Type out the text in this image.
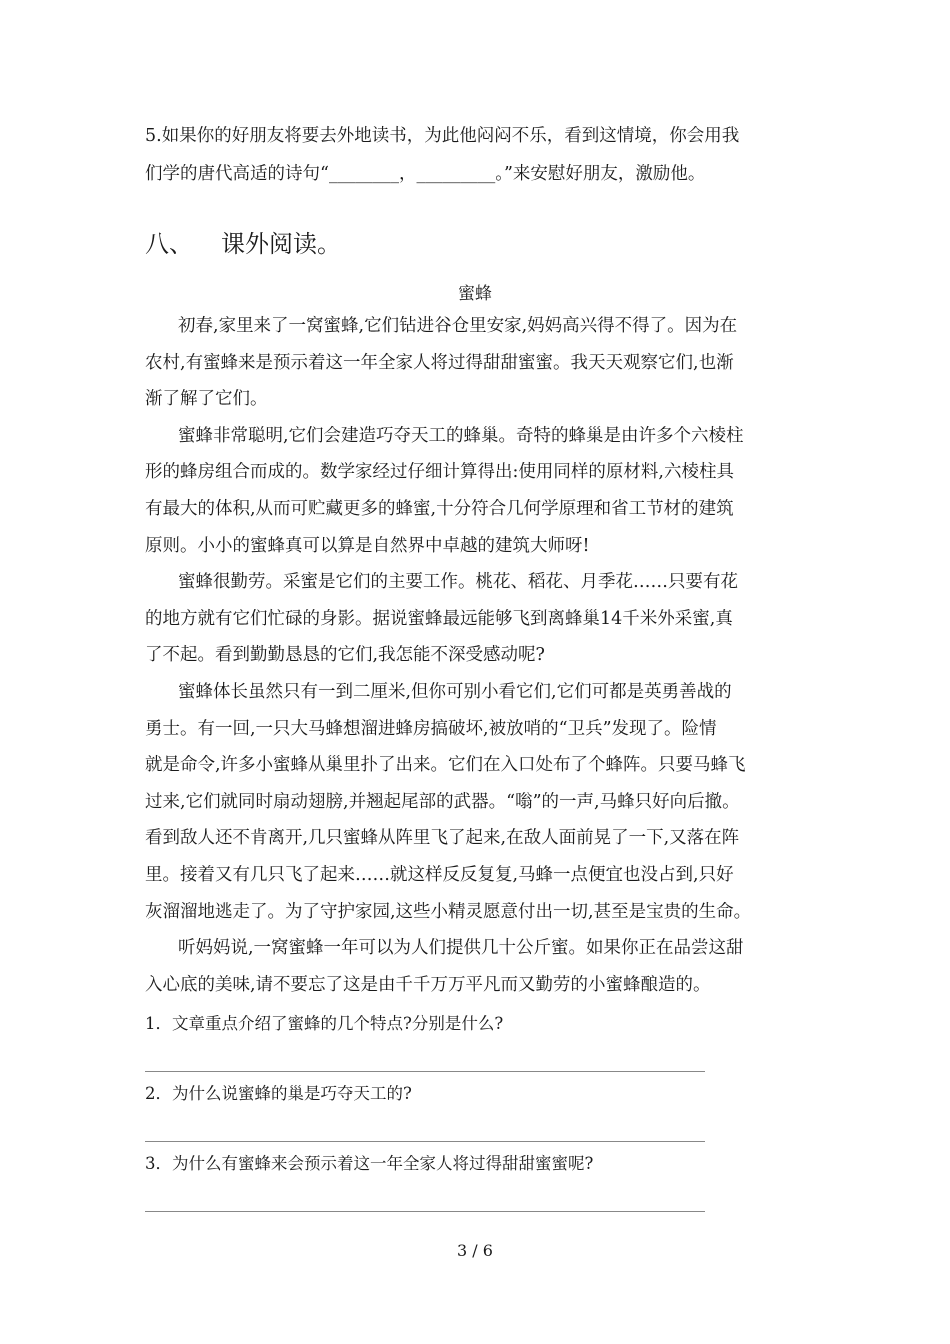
5.如果你的好朋友将要去外地读书，为此他闷闷不乐，看到这情境，你会用我
们学的唐代高适的诗句“________，_________。”来安慰好朋友，激励他。
八、 课外阅读。
蜜蜂
初春,家里来了一窝蜜蜂,它们钻进谷仓里安家,妈妈高兴得不得了。因为在
农村,有蜜蜂来是预示着这一年全家人将过得甜甜蜜蜜。我天天观察它们,也渐
渐了解了它们。
蜜蜂非常聪明,它们会建造巧夺天工的蜂巢。奇特的蜂巢是由许多个六棱柱
形的蜂房组合而成的。数学家经过仔细计算得出:使用同样的原材料,六棱柱具
有最大的体积,从而可贮藏更多的蜂蜜,十分符合几何学原理和省工节材的建筑
原则。小小的蜜蜂真可以算是自然界中卓越的建筑大师呀!
蜜蜂很勤劳。采蜜是它们的主要工作。桃花、稻花、月季花……只要有花
的地方就有它们忙碌的身影。据说蜜蜂最远能够飞到离蜂巢14千米外采蜜,真
了不起。看到勤勤恳恳的它们,我怎能不深受感动呢?
蜜蜂体长虽然只有一到二厘米,但你可别小看它们,它们可都是英勇善战的
勇士。有一回,一只大马蜂想溜进蜂房搞破坏,被放哨的“卫兵”发现了。险情
就是命令,许多小蜜蜂从巢里扑了出来。它们在入口处布了个蜂阵。只要马蜂飞
过来,它们就同时扇动翅膀,并翘起尾部的武器。“嗡”的一声,马蜂只好向后撤。
看到敌人还不肯离开,几只蜜蜂从阵里飞了起来,在敌人面前晃了一下,又落在阵
里。接着又有几只飞了起来……就这样反反复复,马蜂一点便宜也没占到,只好
灰溜溜地逃走了。为了守护家园,这些小精灵愿意付出一切,甚至是宝贵的生命。
听妈妈说,一窝蜜蜂一年可以为人们提供几十公斤蜜。如果你正在品尝这甜
入心底的美味,请不要忘了这是由千千万万平凡而又勤劳的小蜜蜂酿造的。
1．文章重点介绍了蜜蜂的几个特点?分别是什么?
2．为什么说蜜蜂的巢是巧夺天工的?
3．为什么有蜜蜂来会预示着这一年全家人将过得甜甜蜜蜜呢?
3 / 6
